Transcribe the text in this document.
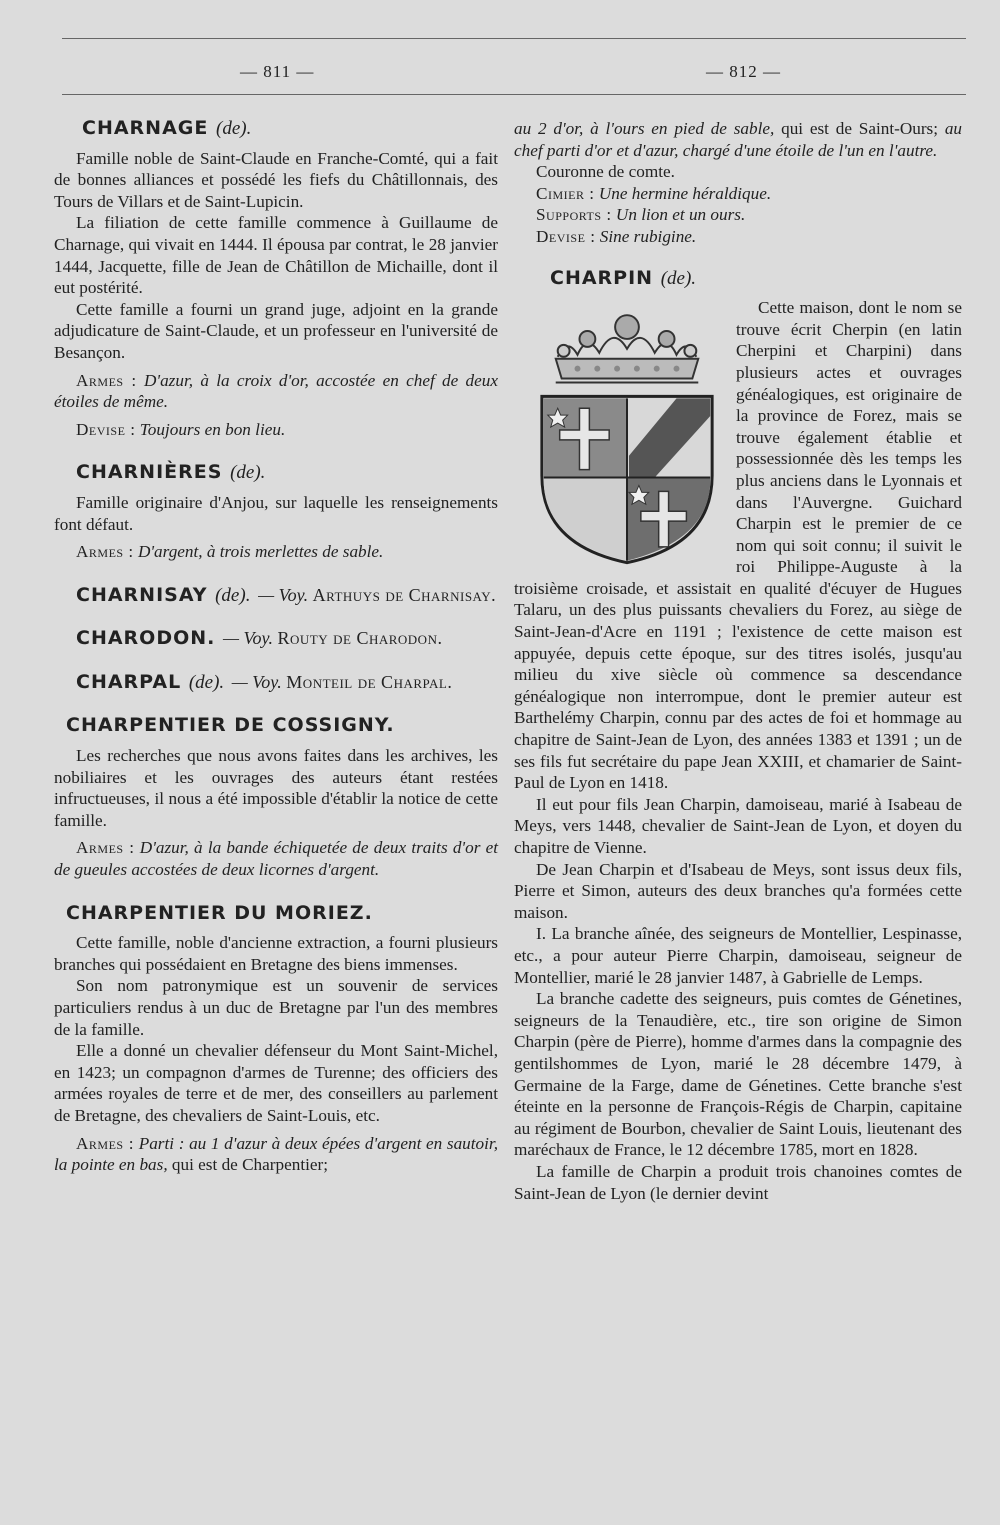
— 811 —	— 812 —
CHARNAGE (de).

Famille noble de Saint-Claude en Franche-Comté, qui a fait de bonnes alliances et possédé les fiefs du Châtillonnais, des Tours de Villars et de Saint-Lupicin.

La filiation de cette famille commence à Guillaume de Charnage, qui vivait en 1444. Il épousa par contrat, le 28 janvier 1444, Jacquette, fille de Jean de Châtillon de Michaille, dont il eut postérité.

Cette famille a fourni un grand juge, adjoint en la grande adjudicature de Saint-Claude, et un professeur en l'université de Besançon.

Armes : D'azur, à la croix d'or, accostée en chef de deux étoiles de même.

Devise : Toujours en bon lieu.

CHARNIÈRES (de).

Famille originaire d'Anjou, sur laquelle les renseignements font défaut.

Armes : D'argent, à trois merlettes de sable.

CHARNISAY (de). — Voy. Arthuys de Charnisay.
CHARODON. — Voy. Routy de Charodon.
CHARPAL (de). — Voy. Monteil de Charpal.
CHARPENTIER DE COSSIGNY.

Les recherches que nous avons faites dans les archives, les nobiliaires et les ouvrages des auteurs étant restées infructueuses, il nous a été impossible d'établir la notice de cette famille.

Armes : D'azur, à la bande échiquetée de deux traits d'or et de gueules accostées de deux licornes d'argent.

CHARPENTIER DU MORIEZ.

Cette famille, noble d'ancienne extraction, a fourni plusieurs branches qui possédaient en Bretagne des biens immenses.

Son nom patronymique est un souvenir de services particuliers rendus à un duc de Bretagne par l'un des membres de la famille.

Elle a donné un chevalier défenseur du Mont Saint-Michel, en 1423; un compagnon d'armes de Turenne; des officiers des armées royales de terre et de mer, des conseillers au parlement de Bretagne, des chevaliers de Saint-Louis, etc.

Armes : Parti : au 1 d'azur à deux épées d'argent en sautoir, la pointe en bas, qui est de Charpentier;

au 2 d'or, à l'ours en pied de sable, qui est de Saint-Ours; au chef parti d'or et d'azur, chargé d'une étoile de l'un en l'autre.

Couronne de comte.

Cimier : Une hermine héraldique.

Supports : Un lion et un ours.

Devise : Sine rubigine.

CHARPIN (de).

Cette maison, dont le nom se trouve écrit Cherpin (en latin Cherpini et Charpini) dans plusieurs actes et ouvrages généalogiques, est originaire de la province de Forez, mais se trouve également établie et possessionnée dès les temps les plus anciens dans le Lyonnais et dans l'Auvergne. Guichard Charpin est le premier de ce nom qui soit connu; il suivit le roi Philippe-Auguste à la troisième croisade, et assistait en qualité d'écuyer de Hugues Talaru, un des plus puissants chevaliers du Forez, au siège de Saint-Jean-d'Acre en 1191 ; l'existence de cette maison est appuyée, depuis cette époque, sur des titres isolés, jusqu'au milieu du xive siècle où commence sa descendance généalogique non interrompue, dont le premier auteur est Barthelémy Charpin, connu par des actes de foi et hommage au chapitre de Saint-Jean de Lyon, des années 1383 et 1391 ; un de ses fils fut secrétaire du pape Jean XXIII, et chamarier de Saint-Paul de Lyon en 1418.

Il eut pour fils Jean Charpin, damoiseau, marié à Isabeau de Meys, vers 1448, chevalier de Saint-Jean de Lyon, et doyen du chapitre de Vienne.

De Jean Charpin et d'Isabeau de Meys, sont issus deux fils, Pierre et Simon, auteurs des deux branches qu'a formées cette maison.

I. La branche aînée, des seigneurs de Montellier, Lespinasse, etc., a pour auteur Pierre Charpin, damoiseau, seigneur de Montellier, marié le 28 janvier 1487, à Gabrielle de Lemps.

La branche cadette des seigneurs, puis comtes de Génetines, seigneurs de la Tenaudière, etc., tire son origine de Simon Charpin (père de Pierre), homme d'armes dans la compagnie des gentilshommes de Lyon, marié le 28 décembre 1479, à Germaine de la Farge, dame de Génetines. Cette branche s'est éteinte en la personne de François-Régis de Charpin, capitaine au régiment de Bourbon, chevalier de Saint Louis, lieutenant des maréchaux de France, le 12 décembre 1785, mort en 1828.

La famille de Charpin a produit trois chanoines comtes de Saint-Jean de Lyon (le dernier devint
